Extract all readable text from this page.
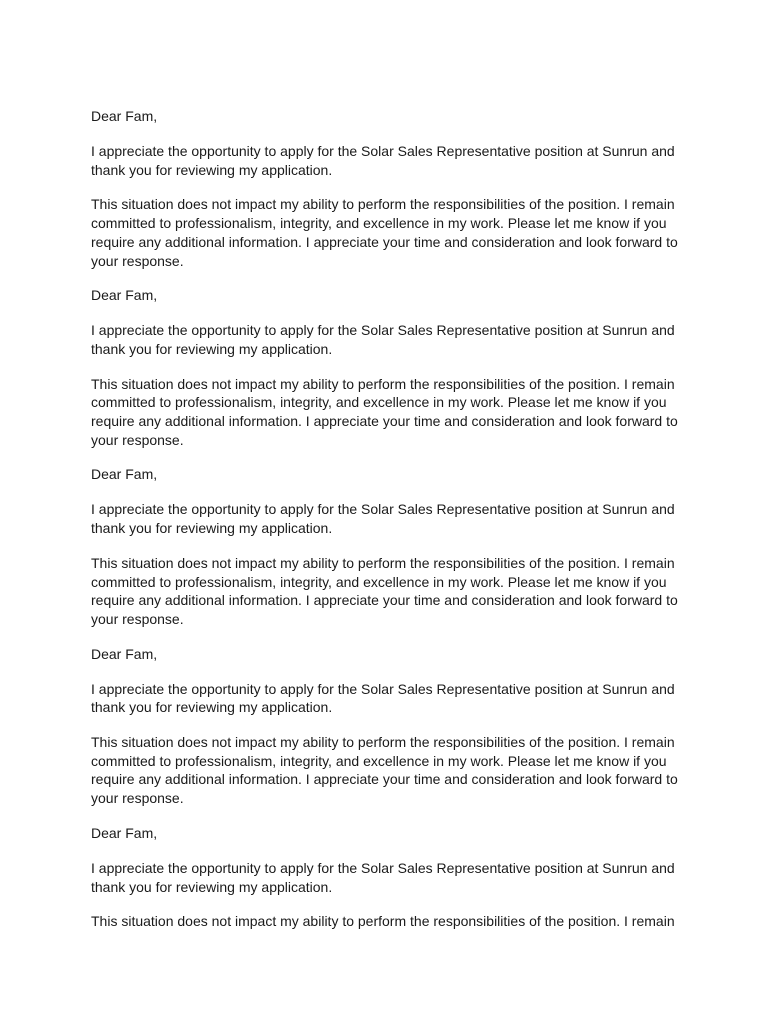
Dear Fam,

I appreciate the opportunity to apply for the Solar Sales Representative position at Sunrun and thank you for reviewing my application.

This situation does not impact my ability to perform the responsibilities of the position. I remain committed to professionalism, integrity, and excellence in my work. Please let me know if you require any additional information. I appreciate your time and consideration and look forward to your response.

Dear Fam,

I appreciate the opportunity to apply for the Solar Sales Representative position at Sunrun and thank you for reviewing my application.

This situation does not impact my ability to perform the responsibilities of the position. I remain committed to professionalism, integrity, and excellence in my work. Please let me know if you require any additional information. I appreciate your time and consideration and look forward to your response.

Dear Fam,

I appreciate the opportunity to apply for the Solar Sales Representative position at Sunrun and thank you for reviewing my application.

This situation does not impact my ability to perform the responsibilities of the position. I remain committed to professionalism, integrity, and excellence in my work. Please let me know if you require any additional information. I appreciate your time and consideration and look forward to your response.

Dear Fam,

I appreciate the opportunity to apply for the Solar Sales Representative position at Sunrun and thank you for reviewing my application.

This situation does not impact my ability to perform the responsibilities of the position. I remain committed to professionalism, integrity, and excellence in my work. Please let me know if you require any additional information. I appreciate your time and consideration and look forward to your response.

Dear Fam,

I appreciate the opportunity to apply for the Solar Sales Representative position at Sunrun and thank you for reviewing my application.

This situation does not impact my ability to perform the responsibilities of the position. I remain
